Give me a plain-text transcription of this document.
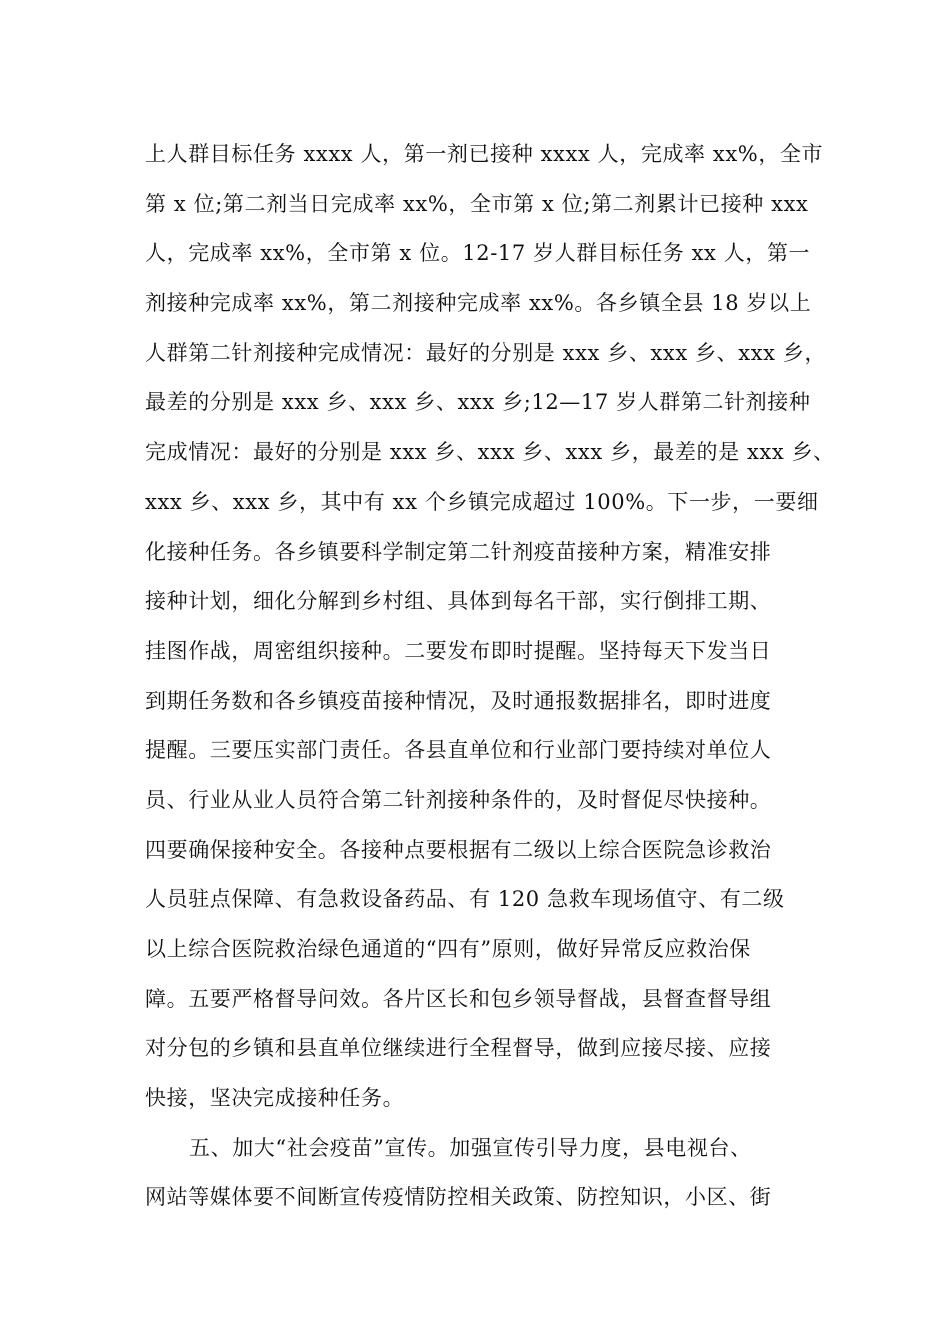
上人群目标任务 xxxx 人，第一剂已接种 xxxx 人，完成率 xx%，全市
第 x 位;第二剂当日完成率 xx%，全市第 x 位;第二剂累计已接种 xxx
人，完成率 xx%，全市第 x 位。12-17 岁人群目标任务 xx 人，第一
剂接种完成率 xx%，第二剂接种完成率 xx%。各乡镇全县 18 岁以上
人群第二针剂接种完成情况：最好的分别是 xxx 乡、xxx 乡、xxx 乡，
最差的分别是 xxx 乡、xxx 乡、xxx 乡;12—17 岁人群第二针剂接种
完成情况：最好的分别是 xxx 乡、xxx 乡、xxx 乡，最差的是 xxx 乡、
xxx 乡、xxx 乡，其中有 xx 个乡镇完成超过 100%。下一步，一要细
化接种任务。各乡镇要科学制定第二针剂疫苗接种方案，精准安排
接种计划，细化分解到乡村组、具体到每名干部，实行倒排工期、
挂图作战，周密组织接种。二要发布即时提醒。坚持每天下发当日
到期任务数和各乡镇疫苗接种情况，及时通报数据排名，即时进度
提醒。三要压实部门责任。各县直单位和行业部门要持续对单位人
员、行业从业人员符合第二针剂接种条件的，及时督促尽快接种。
四要确保接种安全。各接种点要根据有二级以上综合医院急诊救治
人员驻点保障、有急救设备药品、有 120 急救车现场值守、有二级
以上综合医院救治绿色通道的“四有”原则，做好异常反应救治保
障。五要严格督导问效。各片区长和包乡领导督战，县督查督导组
对分包的乡镇和县直单位继续进行全程督导，做到应接尽接、应接
快接，坚决完成接种任务。
五、加大“社会疫苗”宣传。加强宣传引导力度，县电视台、
网站等媒体要不间断宣传疫情防控相关政策、防控知识，小区、街
